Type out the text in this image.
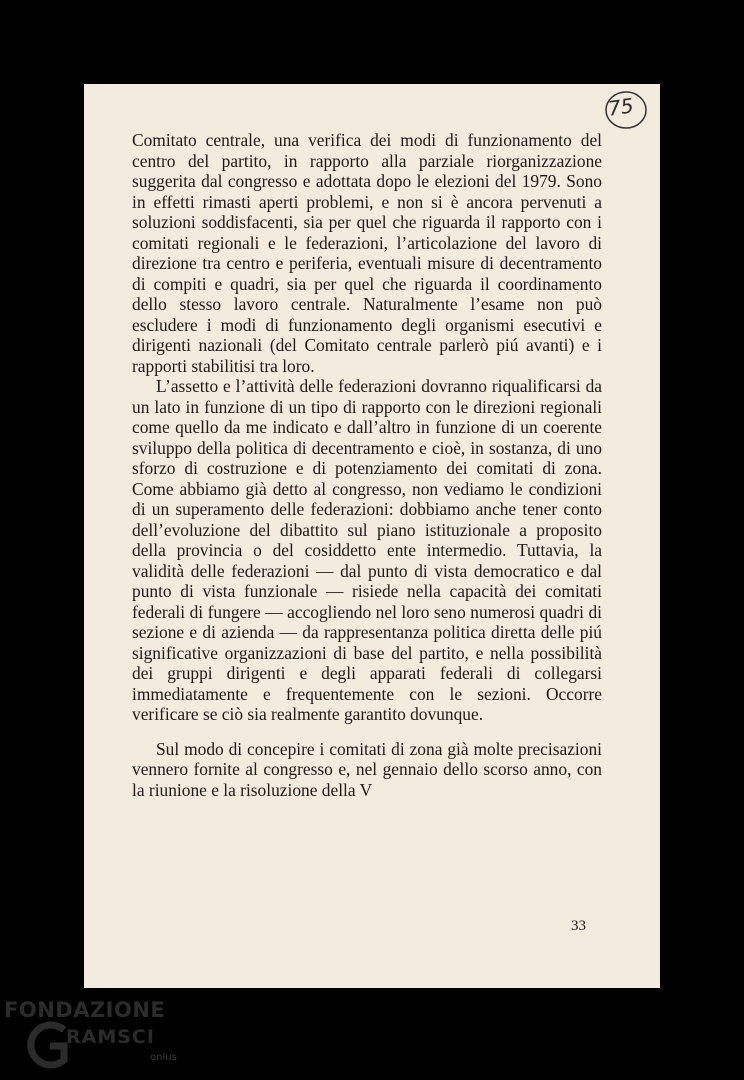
75

Comitato centrale, una verifica dei modi di funzionamento del centro del partito, in rapporto alla parziale riorganizzazione suggerita dal congresso e adottata dopo le elezioni del 1979. Sono in effetti rimasti aperti problemi, e non si è ancora pervenuti a soluzioni soddisfacenti, sia per quel che riguarda il rapporto con i comitati regionali e le federazioni, l’articolazione del lavoro di direzione tra centro e periferia, eventuali misure di decentramento di compiti e quadri, sia per quel che riguarda il coordinamento dello stesso lavoro centrale. Naturalmente l’esame non può escludere i modi di funzionamento degli organismi esecutivi e dirigenti nazionali (del Comitato centrale parlerò piú avanti) e i rapporti stabilitisi tra loro.

L’assetto e l’attività delle federazioni dovranno riqualificarsi da un lato in funzione di un tipo di rapporto con le direzioni regionali come quello da me indicato e dall’altro in funzione di un coerente sviluppo della politica di decentramento e cioè, in sostanza, di uno sforzo di costruzione e di potenziamento dei comitati di zona. Come abbiamo già detto al congresso, non vediamo le condizioni di un superamento delle federazioni: dobbiamo anche tener conto dell’evoluzione del dibattito sul piano istituzionale a proposito della provincia o del cosiddetto ente intermedio. Tuttavia, la validità delle federazioni — dal punto di vista democratico e dal punto di vista funzionale — risiede nella capacità dei comitati federali di fungere — accogliendo nel loro seno numerosi quadri di sezione e di azienda — da rappresentanza politica diretta delle piú significative organizzazioni di base del partito, e nella possibilità dei gruppi dirigenti e degli apparati federali di collegarsi immediatamente e frequentemente con le sezioni. Occorre verificare se ciò sia realmente garantito dovunque.

Sul modo di concepire i comitati di zona già molte precisazioni vennero fornite al congresso e, nel gennaio dello scorso anno, con la riunione e la risoluzione della V

33
FONDAZIONE
RAMSCI
onlus
